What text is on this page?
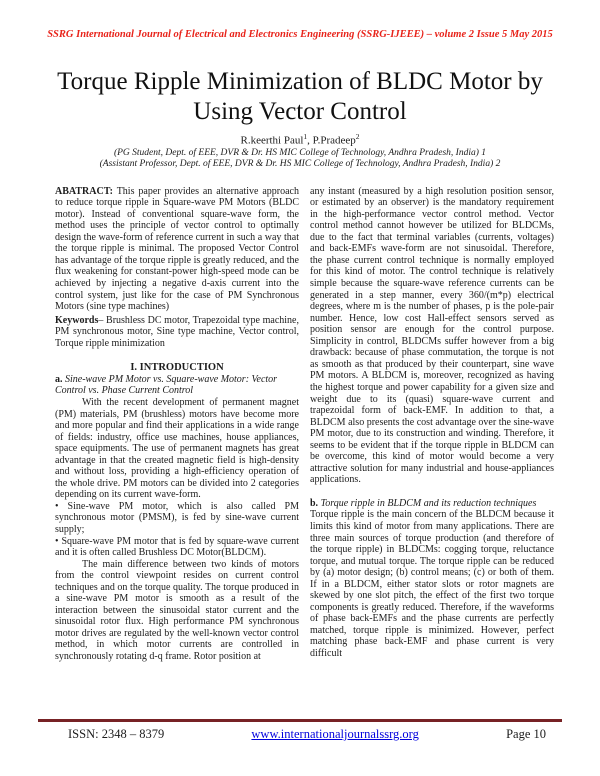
SSRG International Journal of Electrical and Electronics Engineering (SSRG-IJEEE) – volume 2 Issue 5 May 2015
Torque Ripple Minimization of BLDC Motor by Using Vector Control
R.keerthi Paul$^1$, P.Pradeep$^2$
(PG Student, Dept. of EEE, DVR & Dr. HS MIC College of Technology, Andhra Pradesh, India) 1
(Assistant Professor, Dept. of EEE, DVR & Dr. HS MIC College of Technology, Andhra Pradesh, India) 2

ABATRACT: This paper provides an alternative approach to reduce torque ripple in Square-wave PM Motors (BLDC motor). Instead of conventional square-wave form, the method uses the principle of vector control to optimally design the wave-form of reference current in such a way that the torque ripple is minimal. The proposed Vector Control has advantage of the torque ripple is greatly reduced, and the flux weakening for constant-power high-speed mode can be achieved by injecting a negative d-axis current into the control system, just like for the case of PM Synchronous Motors (sine type machines)

Keywords– Brushless DC motor, Trapezoidal type machine, PM synchronous motor, Sine type machine, Vector control, Torque ripple minimization

I. INTRODUCTION

a. Sine-wave PM Motor vs. Square-wave Motor: Vector Control vs. Phase Current Control

With the recent development of permanent magnet (PM) materials, PM (brushless) motors have become more and more popular and find their applications in a wide range of fields: industry, office use machines, house appliances, space equipments. The use of permanent magnets has great advantage in that the created magnetic field is high-density and without loss, providing a high-efficiency operation of the whole drive. PM motors can be divided into 2 categories depending on its current wave-form.

• Sine-wave PM motor, which is also called PM synchronous motor (PMSM), is fed by sine-wave current supply;

• Square-wave PM motor that is fed by square-wave current and it is often called Brushless DC Motor(BLDCM).

The main difference between two kinds of motors from the control viewpoint resides on current control techniques and on the torque quality. The torque produced in a sine-wave PM motor is smooth as a result of the interaction between the sinusoidal stator current and the sinusoidal rotor flux. High performance PM synchronous motor drives are regulated by the well-known vector control method, in which motor currents are controlled in synchronously rotating d-q frame. Rotor position at

any instant (measured by a high resolution position sensor, or estimated by an observer) is the mandatory requirement in the high-performance vector control method. Vector control method cannot however be utilized for BLDCMs, due to the fact that terminal variables (currents, voltages) and back-EMFs wave-form are not sinusoidal. Therefore, the phase current control technique is normally employed for this kind of motor. The control technique is relatively simple because the square-wave reference currents can be generated in a step manner, every 360/(m*p) electrical degrees, where m is the number of phases, p is the pole-pair number. Hence, low cost Hall-effect sensors served as position sensor are enough for the control purpose. Simplicity in control, BLDCMs suffer however from a big drawback: because of phase commutation, the torque is not as smooth as that produced by their counterpart, sine wave PM motors. A BLDCM is, moreover, recognized as having the highest torque and power capability for a given size and weight due to its (quasi) square-wave current and trapezoidal form of back-EMF. In addition to that, a BLDCM also presents the cost advantage over the sine-wave PM motor, due to its construction and winding. Therefore, it seems to be evident that if the torque ripple in BLDCM can be overcome, this kind of motor would become a very attractive solution for many industrial and house-appliances applications.

b. Torque ripple in BLDCM and its reduction techniques

Torque ripple is the main concern of the BLDCM because it limits this kind of motor from many applications. There are three main sources of torque production (and therefore of the torque ripple) in BLDCMs: cogging torque, reluctance torque, and mutual torque. The torque ripple can be reduced by (a) motor design; (b) control means; (c) or both of them. If in a BLDCM, either stator slots or rotor magnets are skewed by one slot pitch, the effect of the first two torque components is greatly reduced. Therefore, if the waveforms of phase back-EMFs and the phase currents are perfectly matched, torque ripple is minimized. However, perfect matching phase back-EMF and phase current is very difficult

ISSN: 2348 – 8379	www.internationaljournalssrg.org	Page 10
